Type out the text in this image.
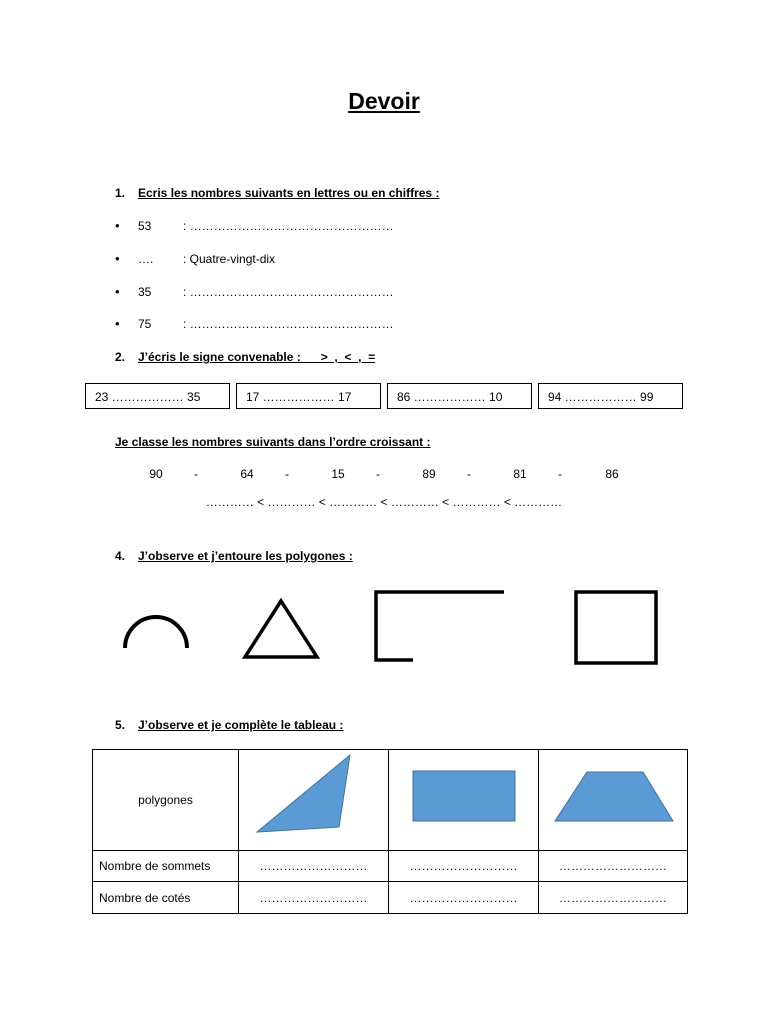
Devoir
1. Ecris les nombres suivants en lettres ou en chiffres :
• 53	: ……………………………………………
• …. : Quatre-vingt-dix
• 35	: ……………………………………………
• 75	: ……………………………………………
2. J’écris le signe convenable :      >  ,  <  ,  =
23 ……………… 35	17 ……………… 17	86 ……………… 10	94 ……………… 99
Je classe les nombres suivants dans l’ordre croissant :
90	-	64	-	15	-	89	-	81	-	86
………… < ………… < ………… < ………… < ………… < …………
4. J’observe et j’entoure les polygones :
5. J’observe et je complète le tableau :
polygones	

Nombre de sommets	………………………	………………………	………………………
Nombre de cotés	………………………	………………………	………………………
